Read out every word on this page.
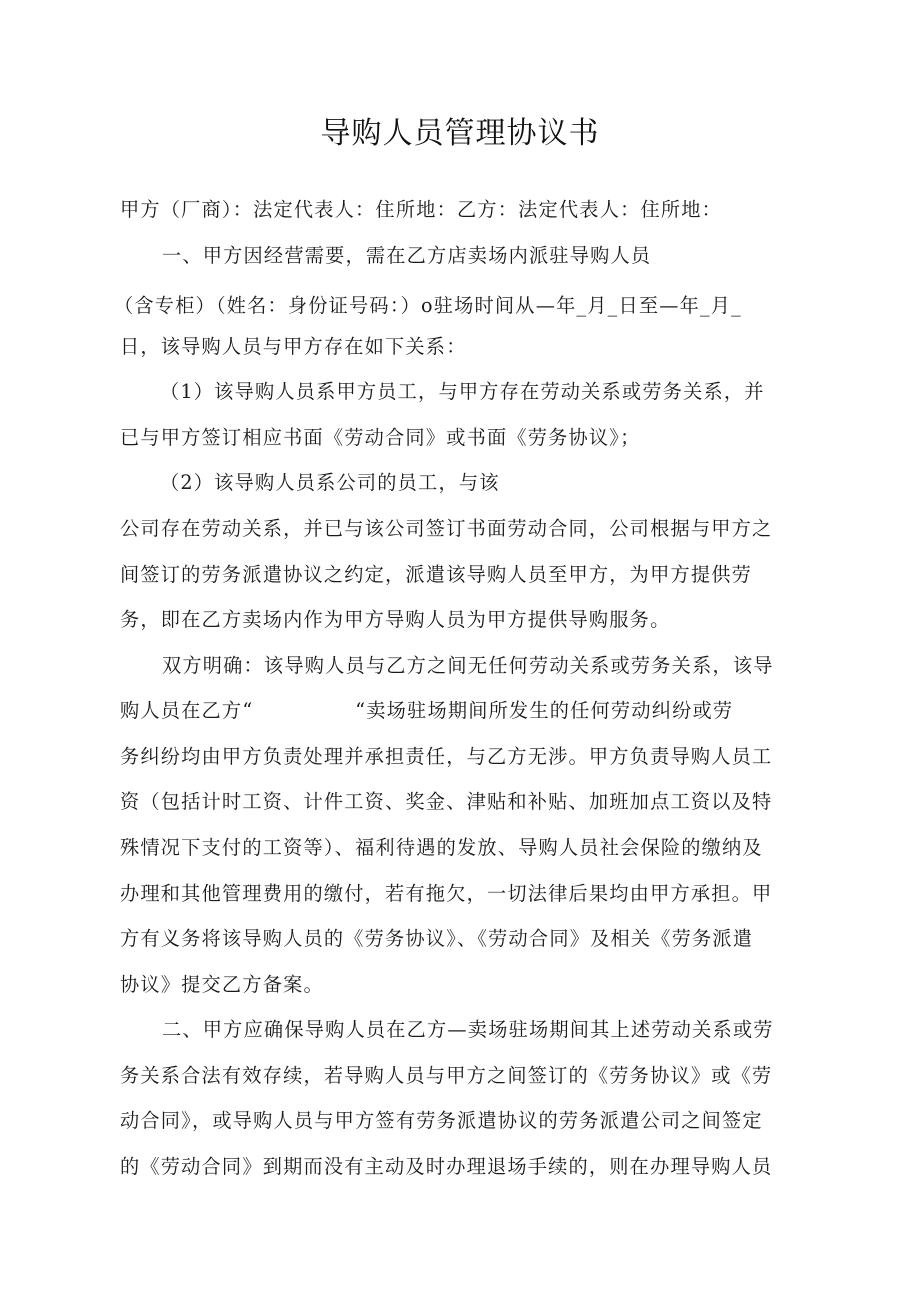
导购人员管理协议书
甲方（厂商）：法定代表人：住所地：乙方：法定代表人：住所地：
一、甲方因经营需要，需在乙方店卖场内派驻导购人员
（含专柜）（姓名：身份证号码：）o驻场时间从—年_月_日至—年_月_
日，该导购人员与甲方存在如下关系：
（1）该导购人员系甲方员工，与甲方存在劳动关系或劳务关系，并
已与甲方签订相应书面《劳动合同》或书面《劳务协议》；
（2）该导购人员系公司的员工，与该
公司存在劳动关系，并已与该公司签订书面劳动合同，公司根据与甲方之
间签订的劳务派遣协议之约定，派遣该导购人员至甲方，为甲方提供劳
务，即在乙方卖场内作为甲方导购人员为甲方提供导购服务。
双方明确：该导购人员与乙方之间无任何劳动关系或劳务关系，该导
购人员在乙方“　　　　　“卖场驻场期间所发生的任何劳动纠纷或劳
务纠纷均由甲方负责处理并承担责任，与乙方无涉。甲方负责导购人员工
资（包括计时工资、计件工资、奖金、津贴和补贴、加班加点工资以及特
殊情况下支付的工资等）、福利待遇的发放、导购人员社会保险的缴纳及
办理和其他管理费用的缴付，若有拖欠，一切法律后果均由甲方承担。甲
方有义务将该导购人员的《劳务协议》、《劳动合同》及相关《劳务派遣
协议》提交乙方备案。
二、甲方应确保导购人员在乙方—卖场驻场期间其上述劳动关系或劳
务关系合法有效存续，若导购人员与甲方之间签订的《劳务协议》或《劳
动合同》，或导购人员与甲方签有劳务派遣协议的劳务派遣公司之间签定
的《劳动合同》到期而没有主动及时办理退场手续的，则在办理导购人员
